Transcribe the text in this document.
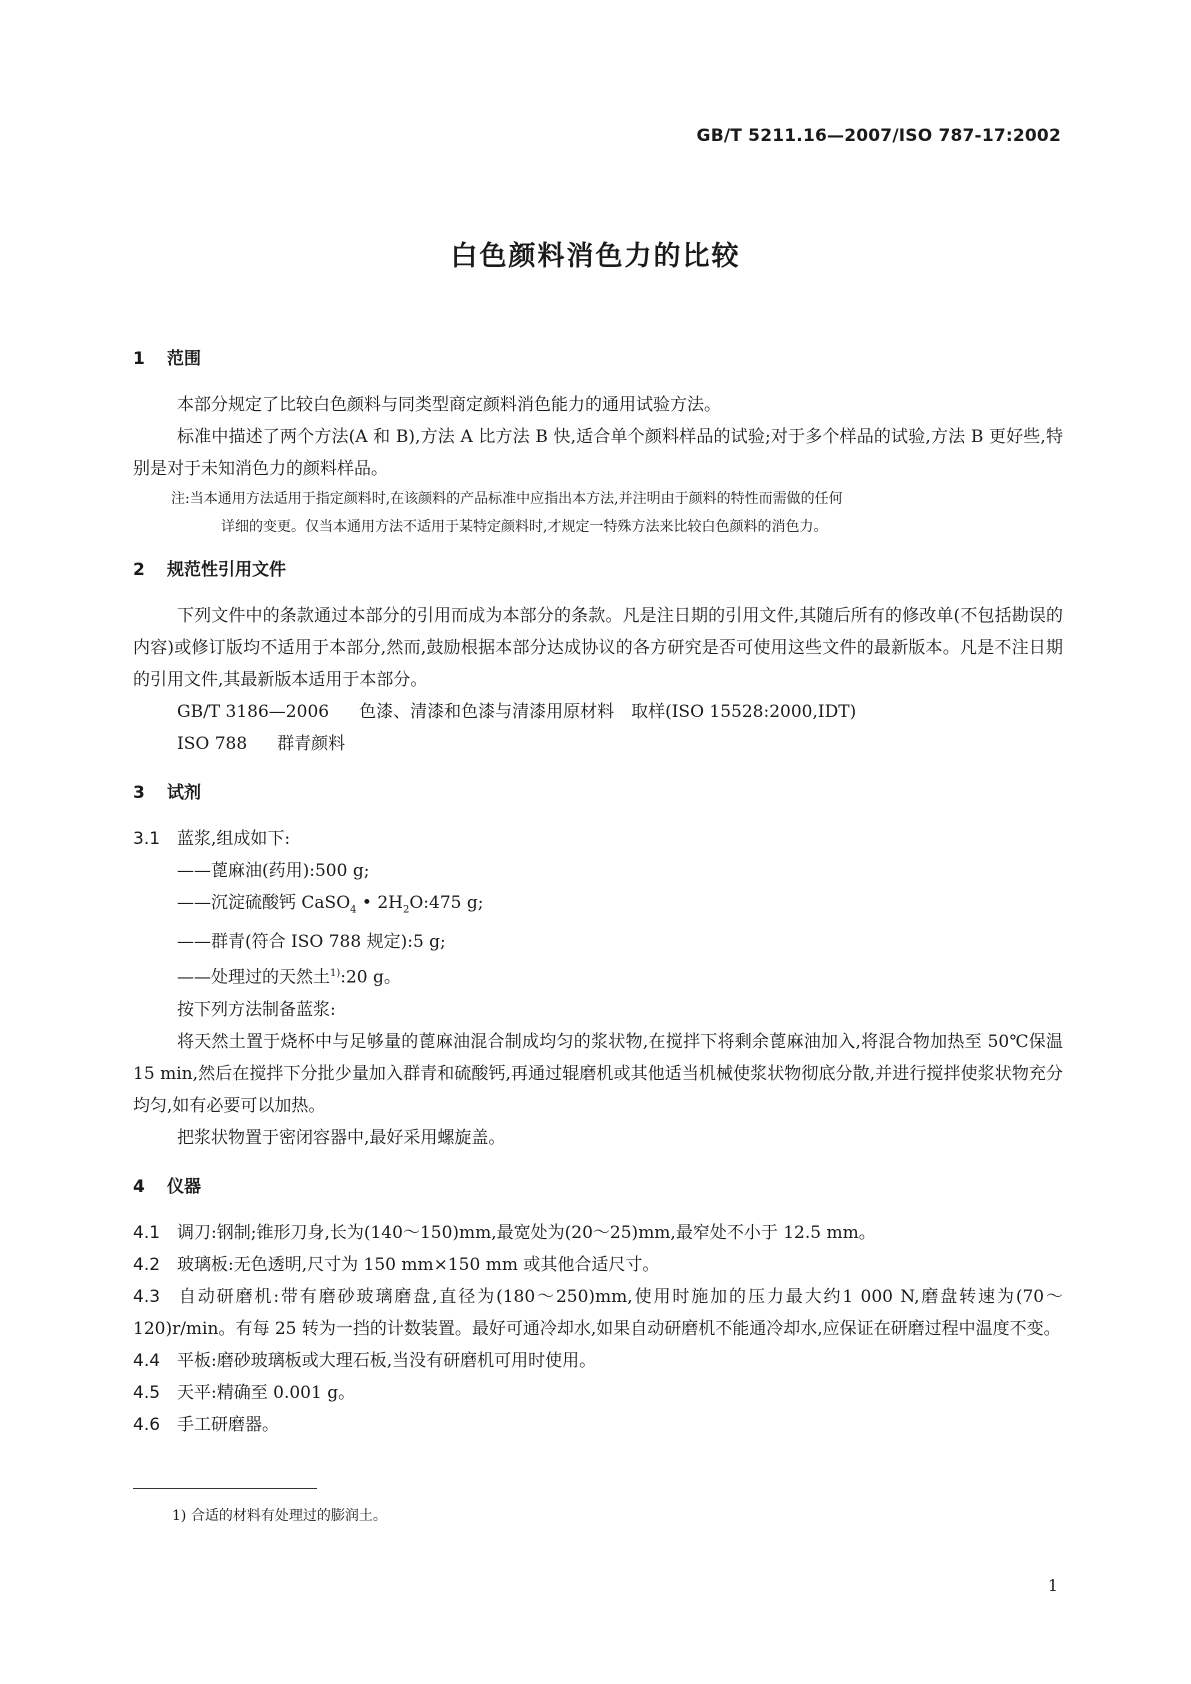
GB/T 5211.16—2007/ISO 787-17:2002
白色颜料消色力的比较

1 范围

本部分规定了比较白色颜料与同类型商定颜料消色能力的通用试验方法。

标准中描述了两个方法(A 和 B),方法 A 比方法 B 快,适合单个颜料样品的试验;对于多个样品的试验,方法 B 更好些,特别是对于未知消色力的颜料样品。

注:当本通用方法适用于指定颜料时,在该颜料的产品标准中应指出本方法,并注明由于颜料的特性而需做的任何
详细的变更。仅当本通用方法不适用于某特定颜料时,才规定一特殊方法来比较白色颜料的消色力。

2 规范性引用文件

下列文件中的条款通过本部分的引用而成为本部分的条款。凡是注日期的引用文件,其随后所有的修改单(不包括勘误的内容)或修订版均不适用于本部分,然而,鼓励根据本部分达成协议的各方研究是否可使用这些文件的最新版本。凡是不注日期的引用文件,其最新版本适用于本部分。

GB/T 3186—2006 色漆、清漆和色漆与清漆用原材料　取样(ISO 15528:2000,IDT)

ISO 788 群青颜料

3 试剂

3.1 蓝浆,组成如下:

——蓖麻油(药用):500 g;

——沉淀硫酸钙 CaSO$_4$ • $2H_2O:475$ g;

——群青(符合 ISO 788 规定):5 g;

——处理过的天然土$^{1)}$:20 g。

按下列方法制备蓝浆:

将天然土置于烧杯中与足够量的蓖麻油混合制成均匀的浆状物,在搅拌下将剩余蓖麻油加入,将混合物加热至 50℃保温 15 min,然后在搅拌下分批少量加入群青和硫酸钙,再通过辊磨机或其他适当机械使浆状物彻底分散,并进行搅拌使浆状物充分均匀,如有必要可以加热。

把浆状物置于密闭容器中,最好采用螺旋盖。

4 仪器

4.1 调刀:钢制;锥形刀身,长为(140～150)mm,最宽处为(20～25)mm,最窄处不小于 12.5 mm。

4.2 玻璃板:无色透明,尺寸为 150 mm×150 mm 或其他合适尺寸。

4.3 自动研磨机:带有磨砂玻璃磨盘,直径为(180～250)mm,使用时施加的压力最大约1 000 N,磨盘转速为(70～120)r/min。有每 25 转为一挡的计数装置。最好可通冷却水,如果自动研磨机不能通冷却水,应保证在研磨过程中温度不变。

4.4 平板:磨砂玻璃板或大理石板,当没有研磨机可用时使用。

4.5 天平:精确至 0.001 g。

4.6 手工研磨器。

1) 合适的材料有处理过的膨润土。
1
